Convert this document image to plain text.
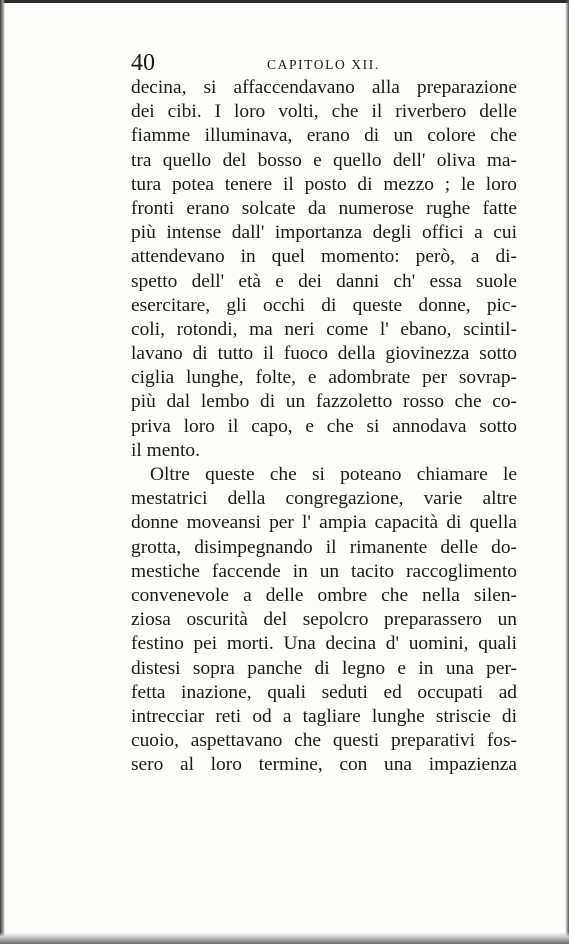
40	CAPITOLO XII.
decina, si affaccendavano alla preparazione
dei cibi. I loro volti, che il riverbero delle
fiamme illuminava, erano di un colore che
tra quello del bosso e quello dell' oliva ma-
tura potea tenere il posto di mezzo ; le loro
fronti erano solcate da numerose rughe fatte
più intense dall' importanza degli offici a cui
attendevano in quel momento: però, a di-
spetto dell' età e dei danni ch' essa suole
esercitare, gli occhi di queste donne, pic-
coli, rotondi, ma neri come l' ebano, scintil-
lavano di tutto il fuoco della giovinezza sotto
ciglia lunghe, folte, e adombrate per sovrap-
più dal lembo di un fazzoletto rosso che co-
priva loro il capo, e che si annodava sotto
il mento.
Oltre queste che si poteano chiamare le
mestatrici della congregazione, varie altre
donne moveansi per l' ampia capacità di quella
grotta, disimpegnando il rimanente delle do-
mestiche faccende in un tacito raccoglimento
convenevole a delle ombre che nella silen-
ziosa oscurità del sepolcro preparassero un
festino pei morti. Una decina d' uomini, quali
distesi sopra panche di legno e in una per-
fetta inazione, quali seduti ed occupati ad
intrecciar reti od a tagliare lunghe striscie di
cuoio, aspettavano che questi preparativi fos-
sero al loro termine, con una impazienza
